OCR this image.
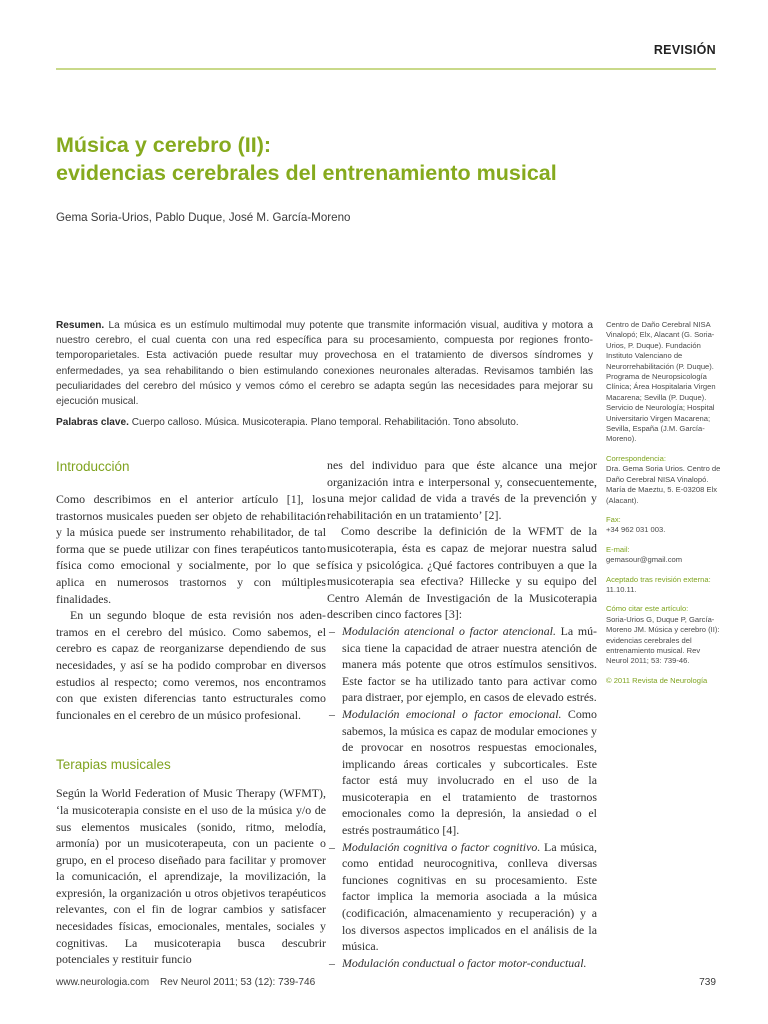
REVISIÓN
Música y cerebro (II):
evidencias cerebrales del entrenamiento musical
Gema Soria-Urios, Pablo Duque, José M. García-Moreno

Resumen. La música es un estímulo multimodal muy potente que transmite información visual, auditiva y motora a nuestro cerebro, el cual cuenta con una red específica para su procesamiento, compuesta por regiones fronto-temporoparietales. Esta activación puede resultar muy provechosa en el tratamiento de diversos síndromes y enfermedades, ya sea rehabilitando o bien estimulando conexiones neuronales alteradas. Revisamos también las peculiaridades del cerebro del músico y vemos cómo el cerebro se adapta según las necesidades para mejorar su ejecución musical.

Palabras clave. Cuerpo calloso. Música. Musicoterapia. Plano temporal. Rehabilitación. Tono absoluto.

Introducción

Como describimos en el anterior artículo [1], los trastornos musicales pueden ser objeto de rehabilitación y la música puede ser instrumento rehabilitador, de tal forma que se puede utilizar con fines terapéuticos tanto física como emocional y socialmente, por lo que se aplica en numerosos trastornos y con múltiples finalidades.

En un segundo bloque de esta revisión nos adentramos en el cerebro del músico. Como sabemos, el cerebro es capaz de reorganizarse dependiendo de sus necesidades, y así se ha podido comprobar en diversos estudios al respecto; como veremos, nos encontramos con que existen diferencias tanto estructurales como funcionales en el cerebro de un músico profesional.

Terapias musicales

Según la World Federation of Music Therapy (WFMT), ‘la musicoterapia consiste en el uso de la música y/o de sus elementos musicales (sonido, ritmo, melodía, armonía) por un musicoterapeuta, con un paciente o grupo, en el proceso diseñado para facilitar y promover la comunicación, el aprendizaje, la movilización, la expresión, la organización u otros objetivos terapéuticos relevantes, con el fin de lograr cambios y satisfacer necesidades físicas, emocionales, mentales, sociales y cognitivas. La musicoterapia busca descubrir potenciales y restituir funcio

nes del individuo para que éste alcance una mejor organización intra e interpersonal y, consecuentemente, una mejor calidad de vida a través de la prevención y rehabilitación en un tratamiento’ [2].

Como describe la definición de la WFMT de la musicoterapia, ésta es capaz de mejorar nuestra salud física y psicológica. ¿Qué factores contribuyen a que la musicoterapia sea efectiva? Hillecke y su equipo del Centro Alemán de Investigación de la Musicoterapia describen cinco factores [3]:

– Modulación atencional o factor atencional. La música tiene la capacidad de atraer nuestra atención de manera más potente que otros estímulos sensitivos. Este factor se ha utilizado tanto para activar como para distraer, por ejemplo, en casos de elevado estrés.
– Modulación emocional o factor emocional. Como sabemos, la música es capaz de modular emociones y de provocar en nosotros respuestas emocionales, implicando áreas corticales y subcorticales. Este factor está muy involucrado en el uso de la musicoterapia en el tratamiento de trastornos emocionales como la depresión, la ansiedad o el estrés postraumático [4].
– Modulación cognitiva o factor cognitivo. La música, como entidad neurocognitiva, conlleva diversas funciones cognitivas en su procesamiento. Este factor implica la memoria asociada a la música (codificación, almacenamiento y recuperación) y a los diversos aspectos implicados en el análisis de la música.
– Modulación conductual o factor motor-conductual.
Centro de Daño Cerebral NISA Vinalopó; Elx, Alacant (G. Soria-Urios, P. Duque). Fundación Instituto Valenciano de Neurorrehabilitación (P. Duque). Programa de Neuropsicología Clínica; Área Hospitalaria Virgen Macarena; Sevilla (P. Duque). Servicio de Neurología; Hospital Universitario Virgen Macarena; Sevilla, España (J.M. García-Moreno).
Correspondencia:
Dra. Gema Soria Urios. Centro de Daño Cerebral NISA Vinalopó. María de Maeztu, 5. E-03208 Elx (Alacant).
Fax:
+34 962 031 003.
E-mail:
gemasour@gmail.com
Aceptado tras revisión externa:
11.10.11.
Cómo citar este artículo:
Soria-Urios G, Duque P, García-Moreno JM. Música y cerebro (II): evidencias cerebrales del entrenamiento musical. Rev Neurol 2011; 53: 739-46.
© 2011 Revista de Neurología
www.neurologia.com Rev Neurol 2011; 53 (12): 739-746	739
